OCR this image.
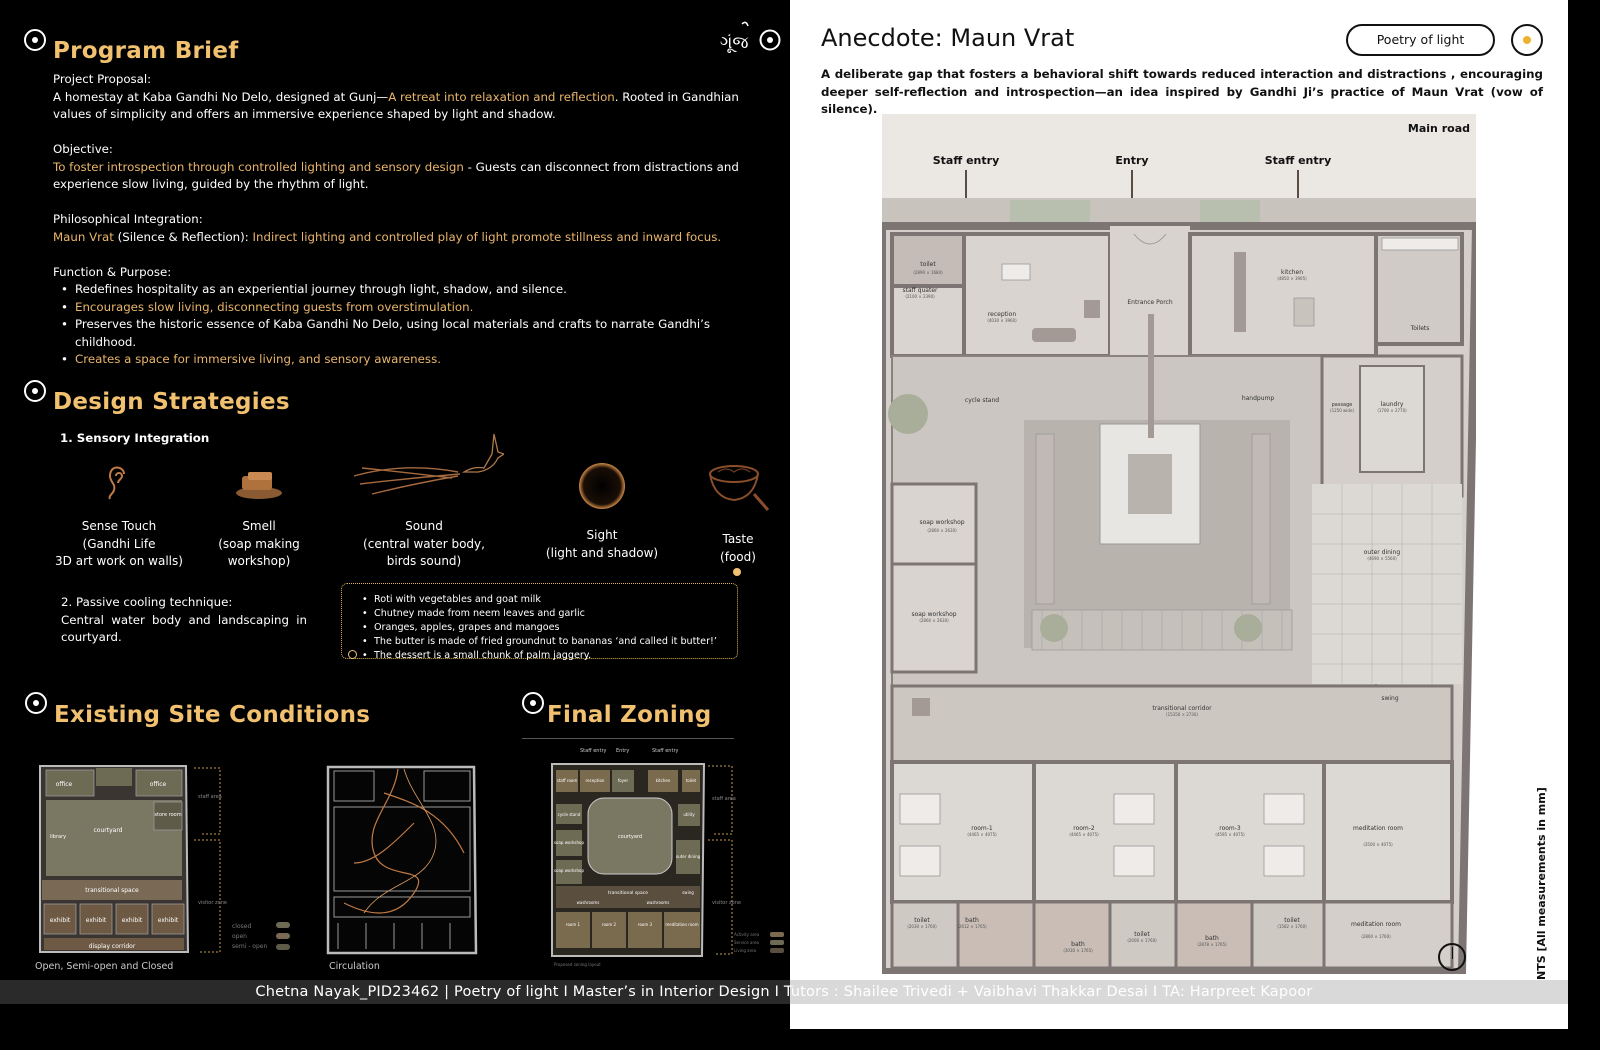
Program Brief	ગૂંજ
Project Proposal:
A homestay at Kaba Gandhi No Delo, designed at Gunj—A retreat into relaxation and reflection. Rooted in Gandhian values of simplicity and offers an immersive experience shaped by light and shadow.
Objective:
To foster introspection through controlled lighting and sensory design - Guests can disconnect from distractions and experience slow living, guided by the rhythm of light.
Philosophical Integration:
Maun Vrat (Silence & Reflection): Indirect lighting and controlled play of light promote stillness and inward focus.
Function & Purpose:
• Redefines hospitality as an experiential journey through light, shadow, and silence.
• Encourages slow living, disconnecting guests from overstimulation.
• Preserves the historic essence of Kaba Gandhi No Delo, using local materials and crafts to narrate Gandhi’s childhood.
• Creates a space for immersive living, and sensory awareness.
Design Strategies
1. Sensory Integration
Sense Touch
(Gandhi Life
3D art work on walls)
Smell
(soap making
workshop)
Sound
(central water body,
birds sound)
Sight
(light and shadow)
Taste
(food)
2. Passive cooling technique:
Central water body and landscaping in courtyard.
• Roti with vegetables and goat milk
• Chutney made from neem leaves and garlic
• Oranges, apples, grapes and mangoes
• The butter is made of fried groundnut to bananas ‘and called it butter!’
• The dessert is a small chunk of palm jaggery.
Existing Site Conditions	Final Zoning
office	office
courtyard
store room
library
transitional space
exhibit	exhibit	exhibit	exhibit
display corridor
staff area
visitor zone
Open, Semi-open and Closed
closed
open
semi - open
Circulation
Staff entry Entry	Staff entry
staff room reception	foyer	kitchen	toilet
cycle stand	utility
courtyard
soap workshop
soap workshop
outer dining
transitional space	swing
washrooms	washrooms
room 1	room 2	room 3	meditation room
staff area
visitor zone
Activity area
Service area
Living area
Proposed zoning layout
Anecdote: Maun Vrat	Poetry of light
A deliberate gap that fosters a behavioral shift towards reduced interaction and distractions , encouraging deeper self-reflection and introspection—an idea inspired by Gandhi Ji’s practice of Maun Vrat (vow of silence).
Main road
Staff entry	Entry	Staff entry
toilet
(2890 × 1684)
staff quater
(2100 × 2390)
reception
(4030 × 3960)
Entrance Porch
kitchen
(4850 × 3905)
Toilets
cycle stand	handpump
passage
(1250 wide)
laundry
(1700 × 2770)
soap workshop
(2860 × 2630)
soap workshop
(2860 × 2630)
outer dining
(4690 × 5560)
transitional corridor
(15350 × 2730)
swing
room-1
(4465 × 4075)
room-2
(4465 × 4075)
room-3
(4595 × 4075)
meditation room
(3500 × 4075)
toilet
(2030 × 1760)
bath
(2612 × 1765)
bath
(3030 × 1765)
toilet
(2000 × 1760)	bath
(2878 × 1765)
toilet
(1582 × 1760)	meditation room
(2860 × 1760)	NTS [All measurements in mm]
Chetna Nayak_PID23462 | Poetry of light I Master’s in Interior Design I Tutors : Shailee Trivedi + Vaibhavi Thakkar Desai I TA: Harpreet Kapoor
